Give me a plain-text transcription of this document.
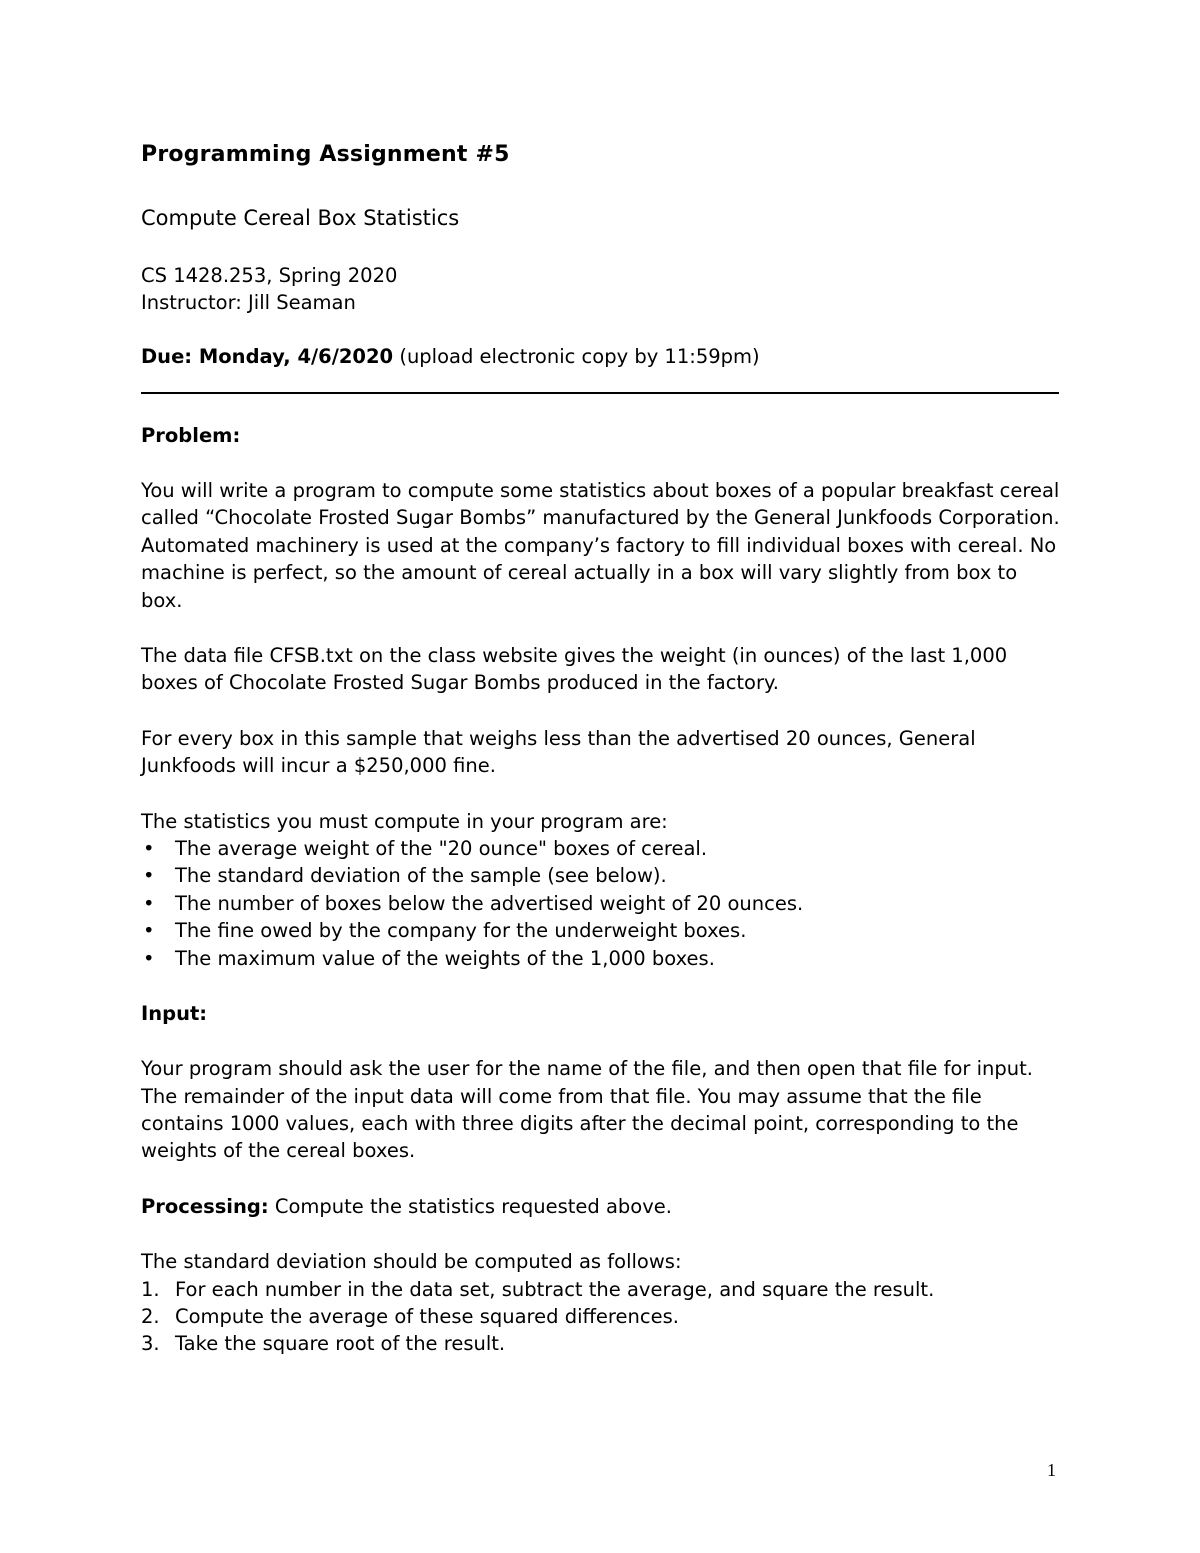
Programming Assignment #5

Compute Cereal Box Statistics

CS 1428.253, Spring 2020
Instructor: Jill Seaman
Due: Monday, 4/6/2020 (upload electronic copy by 11:59pm)
Problem:

You will write a program to compute some statistics about boxes of a popular breakfast cereal called “Chocolate Frosted Sugar Bombs” manufactured by the General Junkfoods Corporation. Automated machinery is used at the company’s factory to fill individual boxes with cereal. No machine is perfect, so the amount of cereal actually in a box will vary slightly from box to box.

The data file CFSB.txt on the class website gives the weight (in ounces) of the last 1,000 boxes of Chocolate Frosted Sugar Bombs produced in the factory.

For every box in this sample that weighs less than the advertised 20 ounces, General Junkfoods will incur a $250,000 fine.

The statistics you must compute in your program are:

• The average weight of the "20 ounce" boxes of cereal.
• The standard deviation of the sample (see below).
• The number of boxes below the advertised weight of 20 ounces.
• The fine owed by the company for the underweight boxes.
• The maximum value of the weights of the 1,000 boxes.
Input:

Your program should ask the user for the name of the file, and then open that file for input. The remainder of the input data will come from that file. You may assume that the file contains 1000 values, each with three digits after the decimal point, corresponding to the weights of the cereal boxes.

Processing: Compute the statistics requested above.

The standard deviation should be computed as follows:

1. For each number in the data set, subtract the average, and square the result.
2. Compute the average of these squared differences.
3. Take the square root of the result.
1
